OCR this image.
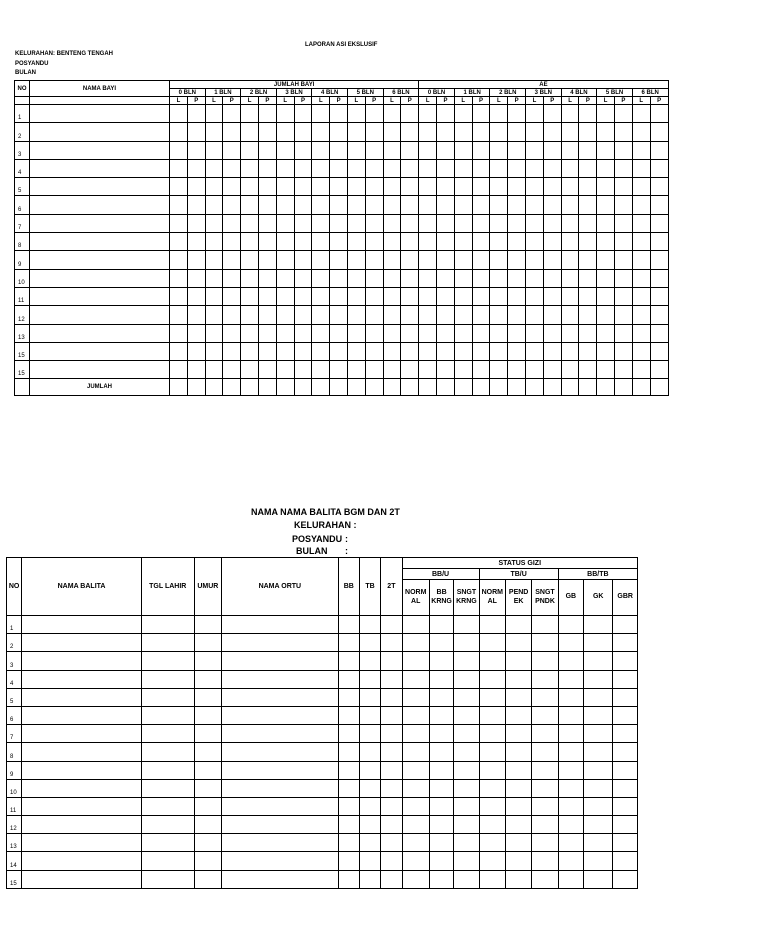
LAPORAN ASI EKSLUSIF
KELURAHAN: BENTENG TENGAH
POSYANDU
BULAN
NO	NAMA BAYI	JUMLAH BAYI														AE													
		0 BLN		1 BLN		2 BLN		3 BLN		4 BLN		5 BLN		6 BLN		0 BLN		1 BLN		2 BLN		3 BLN		4 BLN		5 BLN		6 BLN	
		L	P	L	P	L	P	L	P	L	P	L	P	L	P	L	P	L	P	L	P	L	P	L	P	L	P	L	P
1																													
2																													
3																													
4																													
5																													
6																													
7																													
8																													
9																													
10																													
11																													
12																													
13																													
15																													
15																													
	JUMLAH																												
NAMA NAMA BALITA BGM DAN 2T
KELURAHAN :
POSYANDU :
BULAN :
NO	NAMA BALITA	TGL LAHIR	UMUR	NAMA ORTU	BB	TB	2T	STATUS GIZI								
								BB/U			TB/U			BB/TB		
								NORM AL	BB KRNG	SNGT KRNG	NORM AL	PEND EK	SNGT PNDK	GB	GK	GBR
1																
2																
3																
4																
5																
6																
7																
8																
9																
10																
11																
12																
13																
14																
15																
